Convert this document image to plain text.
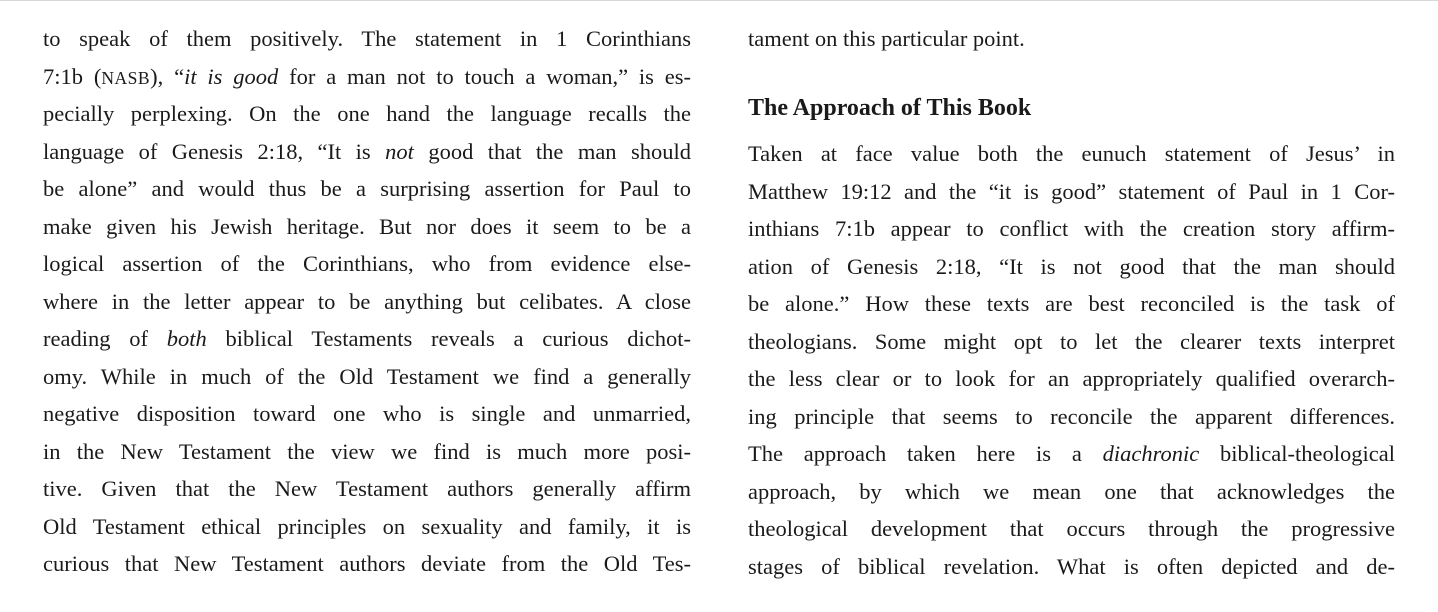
to speak of them positively. The statement in 1 Corinthians
7:1b (NASB), “it is good for a man not to touch a woman,” is es-
pecially perplexing. On the one hand the language recalls the
language of Genesis 2:18, “It is not good that the man should
be alone” and would thus be a surprising assertion for Paul to
make given his Jewish heritage. But nor does it seem to be a
logical assertion of the Corinthians, who from evidence else-
where in the letter appear to be anything but celibates. A close
reading of both biblical Testaments reveals a curious dichot-
omy. While in much of the Old Testament we find a generally
negative disposition toward one who is single and unmarried,
in the New Testament the view we find is much more posi-
tive. Given that the New Testament authors generally affirm
Old Testament ethical principles on sexuality and family, it is
curious that New Testament authors deviate from the Old Tes-
tament on this particular point.
The Approach of This Book
Taken at face value both the eunuch statement of Jesus’ in
Matthew 19:12 and the “it is good” statement of Paul in 1 Cor-
inthians 7:1b appear to conflict with the creation story affirm-
ation of Genesis 2:18, “It is not good that the man should
be alone.” How these texts are best reconciled is the task of
theologians. Some might opt to let the clearer texts interpret
the less clear or to look for an appropriately qualified overarch-
ing principle that seems to reconcile the apparent differences.
The approach taken here is a diachronic biblical-theological
approach, by which we mean one that acknowledges the
theological development that occurs through the progressive
stages of biblical revelation. What is often depicted and de-
